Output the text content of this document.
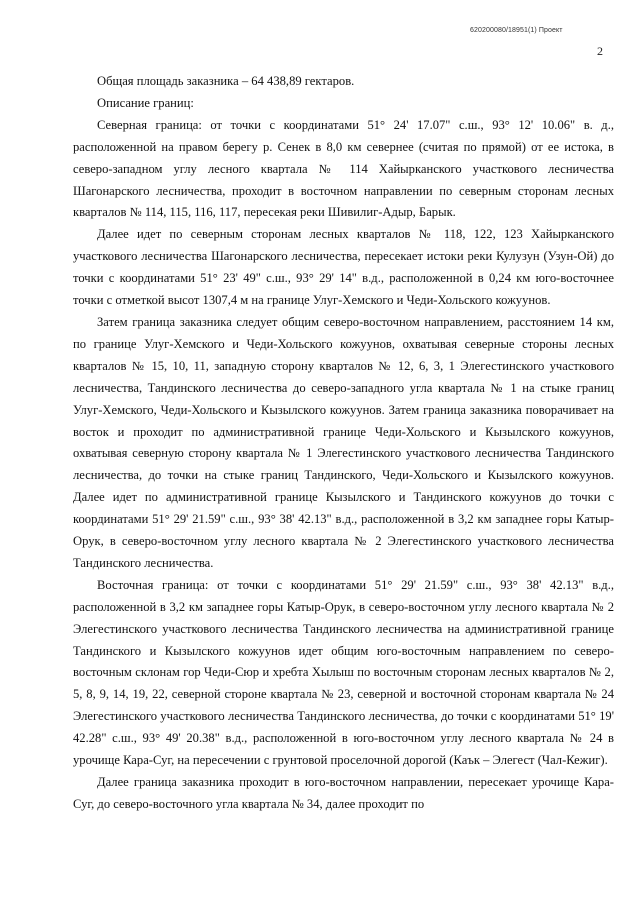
620200080/18951(1) Проект
2

Общая площадь заказника – 64 438,89 гектаров.

Описание границ:

Северная граница: от точки с координатами 51° 24' 17.07" с.ш., 93° 12' 10.06" в. д., расположенной на правом берегу р. Сенек в 8,0 км севернее (считая по прямой) от ее истока, в северо-западном углу лесного квартала № 114 Хайырканского участкового лесничества Шагонарского лесничества, проходит в восточном направлении по северным сторонам лесных кварталов № 114, 115, 116, 117, пересекая реки Шивилиг-Адыр, Барык.

Далее идет по северным сторонам лесных кварталов № 118, 122, 123 Хайырканского участкового лесничества Шагонарского лесничества, пересекает истоки реки Кулузун (Узун-Ой) до точки с координатами 51° 23' 49" с.ш., 93° 29' 14" в.д., расположенной в 0,24 км юго-восточнее точки с отметкой высот 1307,4 м на границе Улуг-Хемского и Чеди-Хольского кожуунов.

Затем граница заказника следует общим северо-восточном направлением, расстоянием 14 км, по границе Улуг-Хемского и Чеди-Хольского кожуунов, охватывая северные стороны лесных кварталов № 15, 10, 11, западную сторону кварталов № 12, 6, 3, 1 Элегестинского участкового лесничества, Тандинского лесничества до северо-западного угла квартала № 1 на стыке границ Улуг-Хемского, Чеди-Хольского и Кызылского кожуунов. Затем граница заказника поворачивает на восток и проходит по административной границе Чеди-Хольского и Кызылского кожуунов, охватывая северную сторону квартала № 1 Элегестинского участкового лесничества Тандинского лесничества, до точки на стыке границ Тандинского, Чеди-Хольского и Кызылского кожуунов. Далее идет по административной границе Кызылского и Тандинского кожуунов до точки с координатами 51° 29' 21.59" с.ш., 93° 38' 42.13" в.д., расположенной в 3,2 км западнее горы Катыр-Орук, в северо-восточном углу лесного квартала № 2 Элегестинского участкового лесничества Тандинского лесничества.

Восточная граница: от точки с координатами 51° 29' 21.59" с.ш., 93° 38' 42.13" в.д., расположенной в 3,2 км западнее горы Катыр-Орук, в северо-восточном углу лесного квартала № 2 Элегестинского участкового лесничества Тандинского лесничества на административной границе Тандинского и Кызылского кожуунов идет общим юго-восточным направлением по северо-восточным склонам гор Чеди-Сюр и хребта Хылыш по восточным сторонам лесных кварталов № 2, 5, 8, 9, 14, 19, 22, северной стороне квартала № 23, северной и восточной сторонам квартала № 24 Элегестинского участкового лесничества Тандинского лесничества, до точки с координатами 51° 19' 42.28" с.ш., 93° 49' 20.38" в.д., расположенной в юго-восточном углу лесного квартала № 24 в урочище Кара-Суг, на пересечении с грунтовой проселочной дорогой (Каък – Элегест (Чал-Кежиг).

Далее граница заказника проходит в юго-восточном направлении, пересекает урочище Кара-Суг, до северо-восточного угла квартала № 34, далее проходит по
